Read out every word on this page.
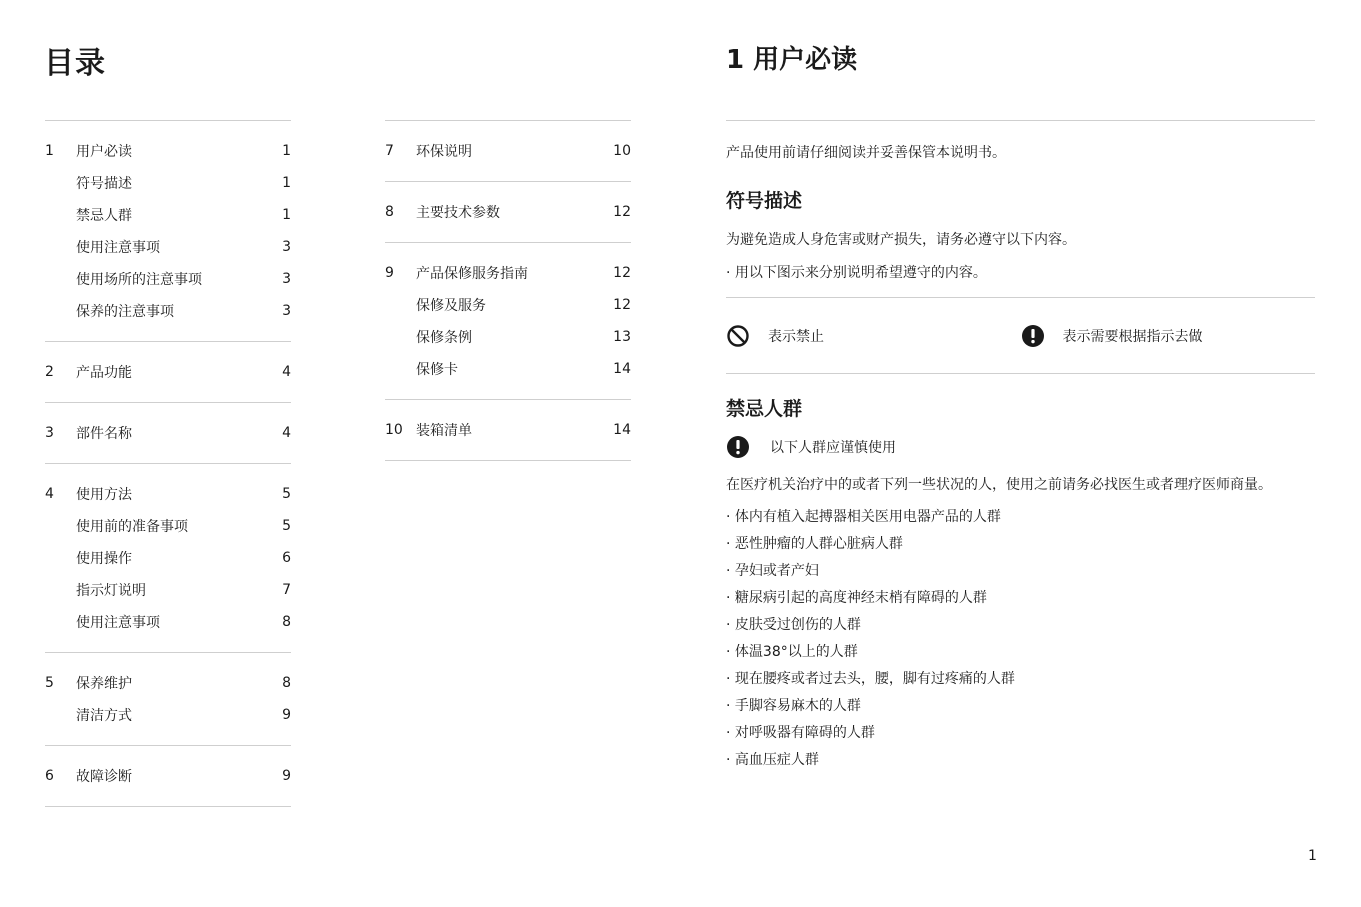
目录
1	用户必读	1
符号描述	1
禁忌人群	1
使用注意事项	3
使用场所的注意事项	3
保养的注意事项	3
2	产品功能	4
3	部件名称	4
4	使用方法	5
使用前的准备事项	5
使用操作	6
指示灯说明	7
使用注意事项	8
5	保养维护	8
清洁方式	9
6	故障诊断	9
7	环保说明	10
8	主要技术参数	12
9	产品保修服务指南	12
保修及服务	12
保修条例	13
保修卡	14
10 装箱清单	14
1 用户必读
产品使用前请仔细阅读并妥善保管本说明书。
符号描述
为避免造成人身危害或财产损失，请务必遵守以下内容。
· 用以下图示来分别说明希望遵守的内容。
表示禁止	表示需要根据指示去做
禁忌人群
以下人群应谨慎使用
在医疗机关治疗中的或者下列一些状况的人，使用之前请务必找医生或者理疗医师商量。
· 体内有植入起搏器相关医用电器产品的人群
· 恶性肿瘤的人群心脏病人群
· 孕妇或者产妇
· 糖尿病引起的高度神经末梢有障碍的人群
· 皮肤受过创伤的人群
· 体温38°以上的人群
· 现在腰疼或者过去头，腰，脚有过疼痛的人群
· 手脚容易麻木的人群
· 对呼吸器有障碍的人群
· 高血压症人群
1
